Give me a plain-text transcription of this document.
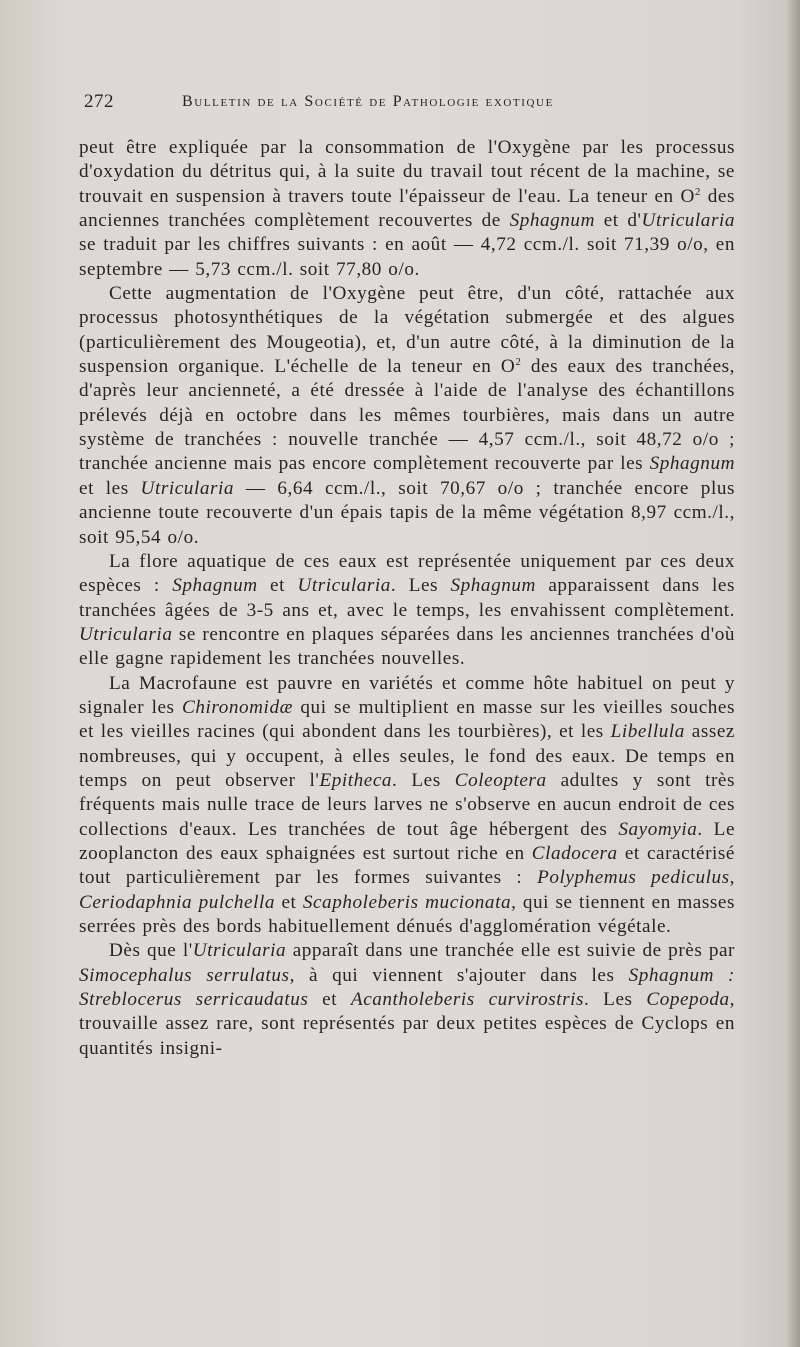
272	Bulletin de la Société de Pathologie exotique

peut être expliquée par la consommation de l'Oxygène par les processus d'oxydation du détritus qui, à la suite du travail tout récent de la machine, se trouvait en suspension à travers toute l'épaisseur de l'eau. La teneur en $O^2$ des anciennes tranchées complètement recouvertes de Sphagnum et d'Utricularia se traduit par les chiffres suivants : en août — 4,72 ccm./l. soit 71,39 o/o, en septembre — 5,73 ccm./l. soit 77,80 o/o.

Cette augmentation de l'Oxygène peut être, d'un côté, rattachée aux processus photosynthétiques de la végétation submergée et des algues (particulièrement des Mougeotia), et, d'un autre côté, à la diminution de la suspension organique. L'échelle de la teneur en $O^2$ des eaux des tranchées, d'après leur ancienneté, a été dressée à l'aide de l'analyse des échantillons prélevés déjà en octobre dans les mêmes tourbières, mais dans un autre système de tranchées : nouvelle tranchée — 4,57 ccm./l., soit 48,72 o/o ; tranchée ancienne mais pas encore complètement recouverte par les Sphagnum et les Utricularia — 6,64 ccm./l., soit 70,67 o/o ; tranchée encore plus ancienne toute recouverte d'un épais tapis de la même végétation 8,97 ccm./l., soit 95,54 o/o.

La flore aquatique de ces eaux est représentée uniquement par ces deux espèces : Sphagnum et Utricularia. Les Sphagnum apparaissent dans les tranchées âgées de 3-5 ans et, avec le temps, les envahissent complètement. Utricularia se rencontre en plaques séparées dans les anciennes tranchées d'où elle gagne rapidement les tranchées nouvelles.

La Macrofaune est pauvre en variétés et comme hôte habituel on peut y signaler les Chironomidæ qui se multiplient en masse sur les vieilles souches et les vieilles racines (qui abondent dans les tourbières), et les Libellula assez nombreuses, qui y occupent, à elles seules, le fond des eaux. De temps en temps on peut observer l'Epitheca. Les Coleoptera adultes y sont très fréquents mais nulle trace de leurs larves ne s'observe en aucun endroit de ces collections d'eaux. Les tranchées de tout âge hébergent des Sayomyia. Le zooplancton des eaux sphaignées est surtout riche en Cladocera et caractérisé tout particulièrement par les formes suivantes : Polyphemus pediculus, Ceriodaphnia pulchella et Scapholeberis mucionata, qui se tiennent en masses serrées près des bords habituellement dénués d'agglomération végétale.

Dès que l'Utricularia apparaît dans une tranchée elle est suivie de près par Simocephalus serrulatus, à qui viennent s'ajouter dans les Sphagnum : Streblocerus serricaudatus et Acantholeberis curvirostris. Les Copepoda, trouvaille assez rare, sont représentés par deux petites espèces de Cyclops en quantités insigni-
